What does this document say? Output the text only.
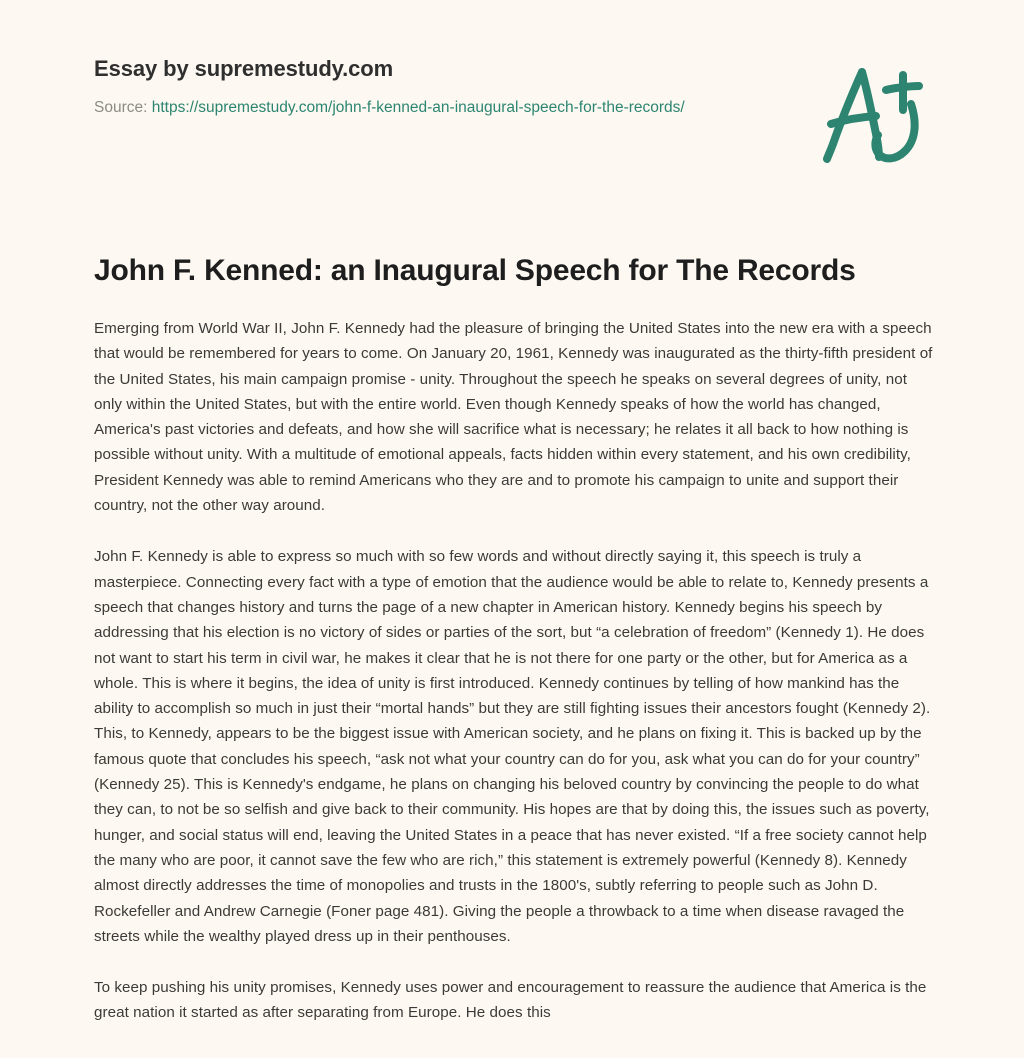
Essay by supremestudy.com
Source: https://supremestudy.com/john-f-kenned-an-inaugural-speech-for-the-records/
John F. Kenned: an Inaugural Speech for The Records

Emerging from World War II, John F. Kennedy had the pleasure of bringing the United States into the new era with a speech that would be remembered for years to come. On January 20, 1961, Kennedy was inaugurated as the thirty-fifth president of the United States, his main campaign promise - unity. Throughout the speech he speaks on several degrees of unity, not only within the United States, but with the entire world. Even though Kennedy speaks of how the world has changed, America's past victories and defeats, and how she will sacrifice what is necessary; he relates it all back to how nothing is possible without unity. With a multitude of emotional appeals, facts hidden within every statement, and his own credibility, President Kennedy was able to remind Americans who they are and to promote his campaign to unite and support their country, not the other way around.

John F. Kennedy is able to express so much with so few words and without directly saying it, this speech is truly a masterpiece. Connecting every fact with a type of emotion that the audience would be able to relate to, Kennedy presents a speech that changes history and turns the page of a new chapter in American history. Kennedy begins his speech by addressing that his election is no victory of sides or parties of the sort, but “a celebration of freedom” (Kennedy 1). He does not want to start his term in civil war, he makes it clear that he is not there for one party or the other, but for America as a whole. This is where it begins, the idea of unity is first introduced. Kennedy continues by telling of how mankind has the ability to accomplish so much in just their “mortal hands” but they are still fighting issues their ancestors fought (Kennedy 2). This, to Kennedy, appears to be the biggest issue with American society, and he plans on fixing it. This is backed up by the famous quote that concludes his speech, “ask not what your country can do for you, ask what you can do for your country” (Kennedy 25). This is Kennedy's endgame, he plans on changing his beloved country by convincing the people to do what they can, to not be so selfish and give back to their community. His hopes are that by doing this, the issues such as poverty, hunger, and social status will end, leaving the United States in a peace that has never existed. “If a free society cannot help the many who are poor, it cannot save the few who are rich,” this statement is extremely powerful (Kennedy 8). Kennedy almost directly addresses the time of monopolies and trusts in the 1800's, subtly referring to people such as John D. Rockefeller and Andrew Carnegie (Foner page 481). Giving the people a throwback to a time when disease ravaged the streets while the wealthy played dress up in their penthouses.

To keep pushing his unity promises, Kennedy uses power and encouragement to reassure the audience that America is the great nation it started as after separating from Europe. He does this
